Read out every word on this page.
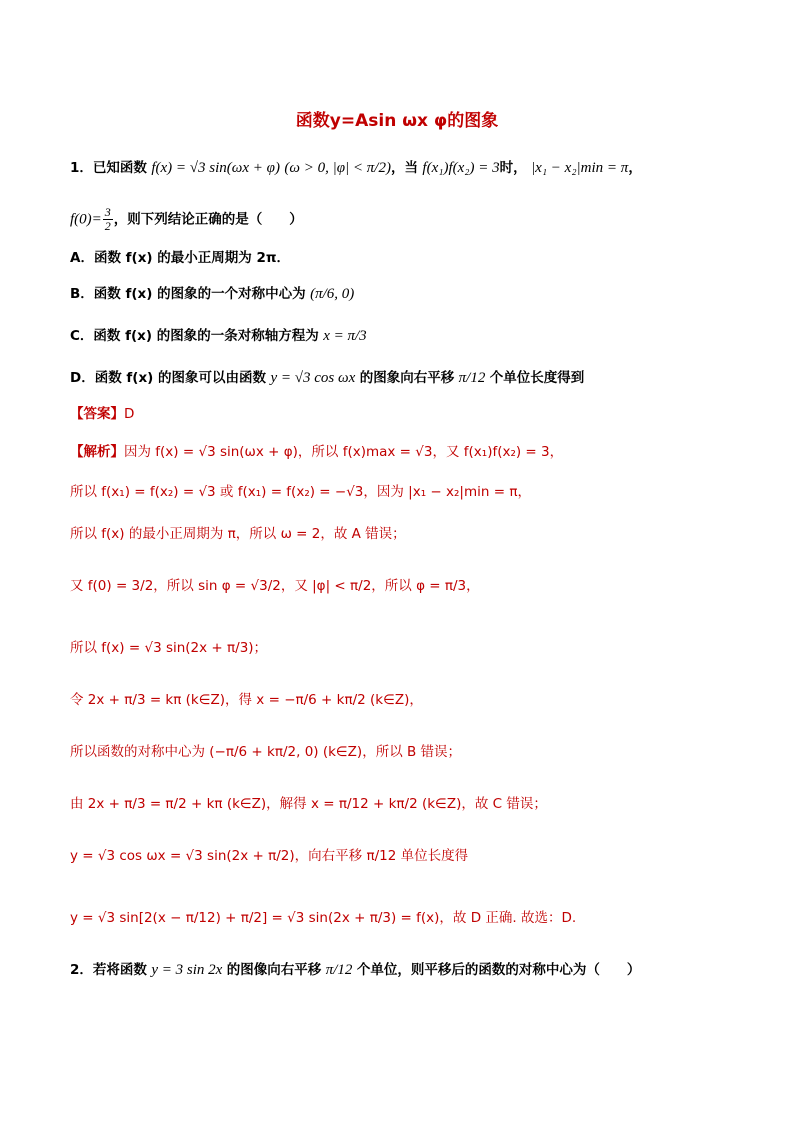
函数y=Asin ωx φ的图象
1．已知函数 f(x) = √3 sin(ωx + φ) (ω > 0, |φ| < π/2)，当 f(x₁)f(x₂) = 3时， |x₁ − x₂|min = π，
$f(0)= \frac{3}{2}$ ，则下列结论正确的是（　　）
A．函数 f(x) 的最小正周期为 2π．
B．函数 f(x) 的图象的一个对称中心为 (π/6, 0)
C．函数 f(x) 的图象的一条对称轴方程为 x = π/3
D．函数 f(x) 的图象可以由函数 y = √3 cos ωx 的图象向右平移 π/12 个单位长度得到
【答案】D
【解析】因为 f(x) = √3 sin(ωx + φ)，所以 f(x)max = √3，又 f(x₁)f(x₂) = 3，
所以 f(x₁) = f(x₂) = √3 或 f(x₁) = f(x₂) = −√3，因为 |x₁ − x₂|min = π，
所以 f(x) 的最小正周期为 π，所以 ω = 2，故 A 错误；
又 f(0) = 3/2，所以 sin φ = √3/2，又 |φ| < π/2，所以 φ = π/3，
所以 f(x) = √3 sin(2x + π/3)；
令 2x + π/3 = kπ (k∈Z)，得 x = −π/6 + kπ/2 (k∈Z)，
所以函数的对称中心为 (−π/6 + kπ/2, 0) (k∈Z)，所以 B 错误；
由 2x + π/3 = π/2 + kπ (k∈Z)，解得 x = π/12 + kπ/2 (k∈Z)，故 C 错误；
y = √3 cos ωx = √3 sin(2x + π/2)，向右平移 π/12 单位长度得
y = √3 sin[2(x − π/12) + π/2] = √3 sin(2x + π/3) = f(x)，故 D 正确. 故选：D.
2．若将函数 y = 3 sin 2x 的图像向右平移 π/12 个单位，则平移后的函数的对称中心为（　　）
